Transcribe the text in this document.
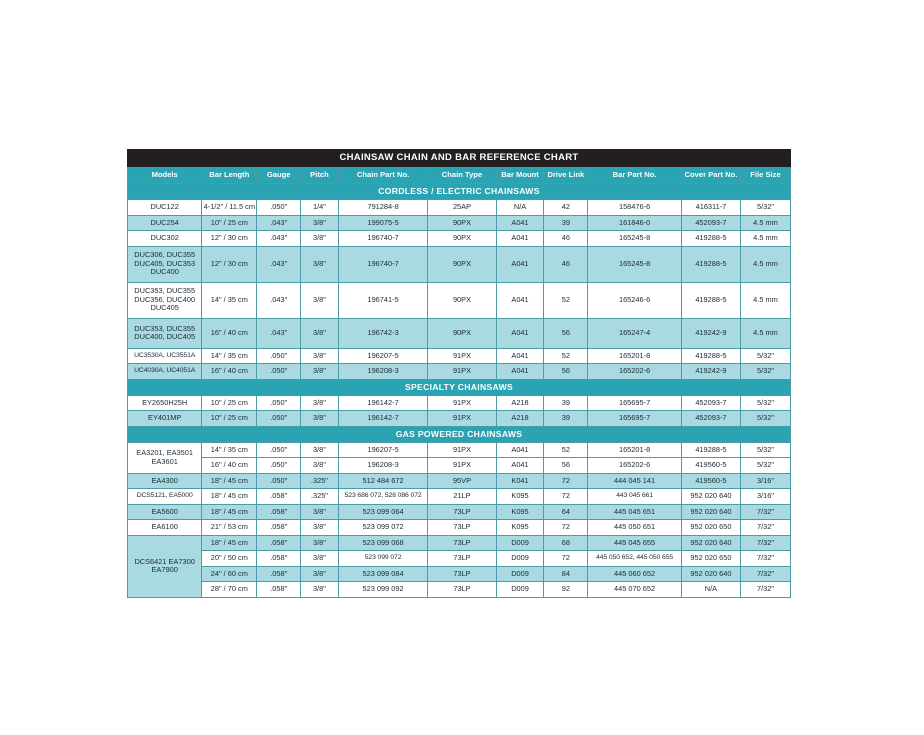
CHAINSAW CHAIN AND BAR REFERENCE CHART										
Models	Bar Length	Gauge	Pitch	Chain Part No.	Chain Type	Bar Mount	Drive Link	Bar Part No.	Cover Part No.	File Size
CORDLESS / ELECTRIC CHAINSAWS										
DUC122	4-1/2" / 11.5 cm	.050"	1/4"	791284-8	25AP	N/A	42	158476-6	416311-7	5/32"
DUC254	10" / 25 cm	.043"	3/8"	199075-5	90PX	A041	39	161846-0	452093-7	4.5 mm
DUC302	12" / 30 cm	.043"	3/8"	196740-7	90PX	A041	46	165245-8	419288-5	4.5 mm
DUC306, DUC355 DUC405, DUC353 DUC400	12" / 30 cm	.043"	3/8"	196740-7	90PX	A041	46	165245-8	419288-5	4.5 mm
DUC353, DUC355 DUC356, DUC400 DUC405	14" / 35 cm	.043"	3/8"	196741-5	90PX	A041	52	165246-6	419288-5	4.5 mm
DUC353, DUC355 DUC400, DUC405	16" / 40 cm	.043"	3/8"	196742-3	90PX	A041	56	165247-4	419242-9	4.5 mm
UC3530A, UC3551A	14" / 35 cm	.050"	3/8"	196207-5	91PX	A041	52	165201-8	419288-5	5/32"
UC4030A, UC4051A	16" / 40 cm	.050"	3/8"	196208-3	91PX	A041	56	165202-6	419242-9	5/32"
SPECIALTY CHAINSAWS										
EY2650H25H	10" / 25 cm	.050"	3/8"	196142-7	91PX	A218	39	165695-7	452093-7	5/32"
EY401MP	10" / 25 cm	.050"	3/8"	196142-7	91PX	A218	39	165695-7	452093-7	5/32"
GAS POWERED CHAINSAWS										
EA3201, EA3501 EA3601	14" / 35 cm	.050"	3/8"	196207-5	91PX	A041	52	165201-8	419288-5	5/32"
	16" / 40 cm	.050"	3/8"	196208-3	91PX	A041	56	165202-6	419560-5	5/32"
EA4300	18" / 45 cm	.050"	.325"	512 484 672	95VP	K041	72	444 045 141	419560-5	3/16"
DCS5121, EA5000	18" / 45 cm	.058"	.325"	523 686 072, 528 086 072	21LP	K095	72	443 045 661	952 020 640	3/16"
EA5600	18" / 45 cm	.058"	3/8"	523 099 064	73LP	K095	64	445 045 651	952 020 640	7/32"
EA6100	21" / 53 cm	.058"	3/8"	523 099 072	73LP	K095	72	445 050 651	952 020 650	7/32"
DCS6421 EA7300 EA7900	18" / 45 cm	.058"	3/8"	523 099 068	73LP	D009	68	445 045 655	952 020 640	7/32"
	20" / 50 cm	.058"	3/8"	523 099 072	73LP	D009	72	445 050 652, 445 050 655	952 020 650	7/32"
	24" / 60 cm	.058"	3/8"	523 099 084	73LP	D009	84	445 060 652	952 020 640	7/32"
	28" / 70 cm	.058"	3/8"	523 099 092	73LP	D009	92	445 070 652	N/A	7/32"
